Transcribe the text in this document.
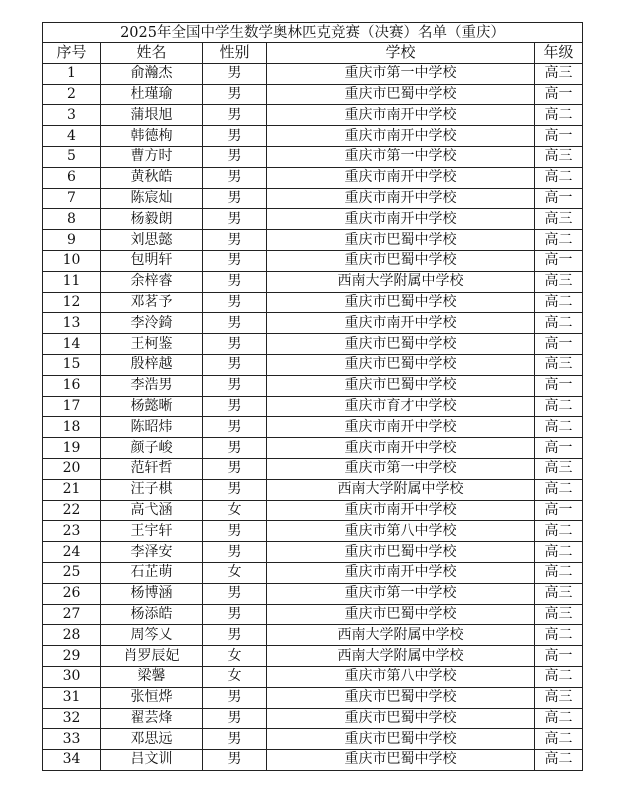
2025年全国中学生数学奥林匹克竞赛（决赛）名单（重庆）				
序号	姓名	性别	学校	年级
1	俞瀚杰	男	重庆市第一中学校	高三
2	杜瑾瑜	男	重庆市巴蜀中学校	高一
3	蒲垠旭	男	重庆市南开中学校	高二
4	韩德栒	男	重庆市南开中学校	高一
5	曹方时	男	重庆市第一中学校	高三
6	黄秋皓	男	重庆市南开中学校	高二
7	陈宸灿	男	重庆市南开中学校	高一
8	杨毅朗	男	重庆市南开中学校	高三
9	刘思懿	男	重庆市巴蜀中学校	高二
10	包明轩	男	重庆市巴蜀中学校	高一
11	余梓睿	男	西南大学附属中学校	高三
12	邓茗予	男	重庆市巴蜀中学校	高二
13	李泠錡	男	重庆市南开中学校	高二
14	王柯鉴	男	重庆市巴蜀中学校	高一
15	殷梓越	男	重庆市巴蜀中学校	高三
16	李浩男	男	重庆市巴蜀中学校	高一
17	杨懿晰	男	重庆市育才中学校	高二
18	陈昭炜	男	重庆市南开中学校	高二
19	颜子峻	男	重庆市南开中学校	高一
20	范轩哲	男	重庆市第一中学校	高三
21	汪子棋	男	西南大学附属中学校	高二
22	高弋涵	女	重庆市南开中学校	高一
23	王宇轩	男	重庆市第八中学校	高二
24	李泽安	男	重庆市巴蜀中学校	高二
25	石芷萌	女	重庆市南开中学校	高二
26	杨博涵	男	重庆市第一中学校	高三
27	杨添皓	男	重庆市巴蜀中学校	高三
28	周笒乂	男	西南大学附属中学校	高二
29	肖罗辰妃	女	西南大学附属中学校	高一
30	梁馨	女	重庆市第八中学校	高二
31	张恒烨	男	重庆市巴蜀中学校	高三
32	翟芸烽	男	重庆市巴蜀中学校	高二
33	邓思远	男	重庆市巴蜀中学校	高二
34	吕文训	男	重庆市巴蜀中学校	高二
